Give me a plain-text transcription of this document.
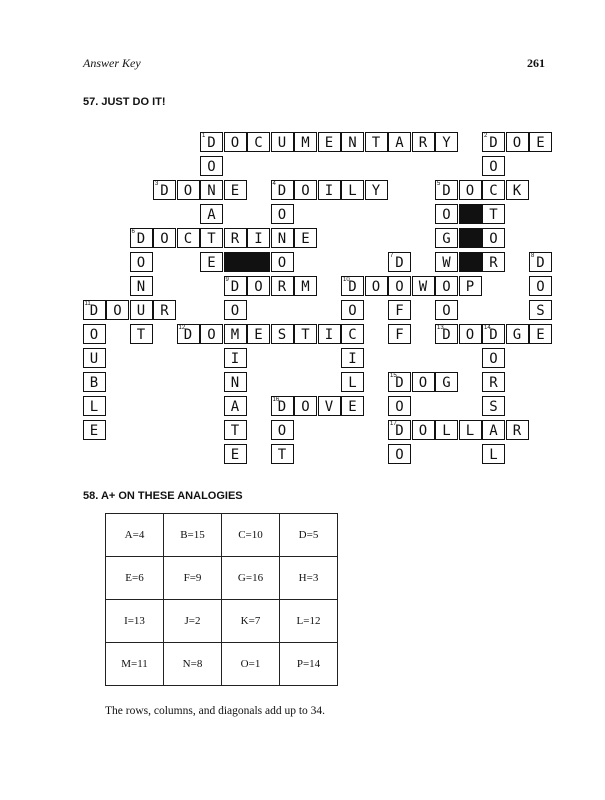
Answer Key	261
57. JUST DO IT!
1 D	O	C	U	M	E	N	T	A	R	Y	2 D	O	E
O	O
3 D	O	N	E	4 D	O	I	L	Y	5 D	O	C	K
A	O	O	T
6 D	O	C	T	R	I	N	E	G	O
O	E	O	7 D	W	R	8 D
N	9 D	O	R	M	10
D	O	O	W	O	P	O
11 D	O	U	R	O	O	F	O	S
O	T	12
D	O	M	E	S	T	I	C	F	13
D	O	14
D	G	E
U	I	I	O
B	N	L	15
D	O	G	R
L	A	16
D	O	V	E	O	S
E	T	O	17
D	O	L	L	A	R
E	T	O	L
58. A+ ON THESE ANALOGIES
A=4	B=15	C=10	D=5
E=6	F=9	G=16	H=3
I=13	J=2	K=7	L=12
M=11	N=8	O=1	P=14
The rows, columns, and diagonals add up to 34.
